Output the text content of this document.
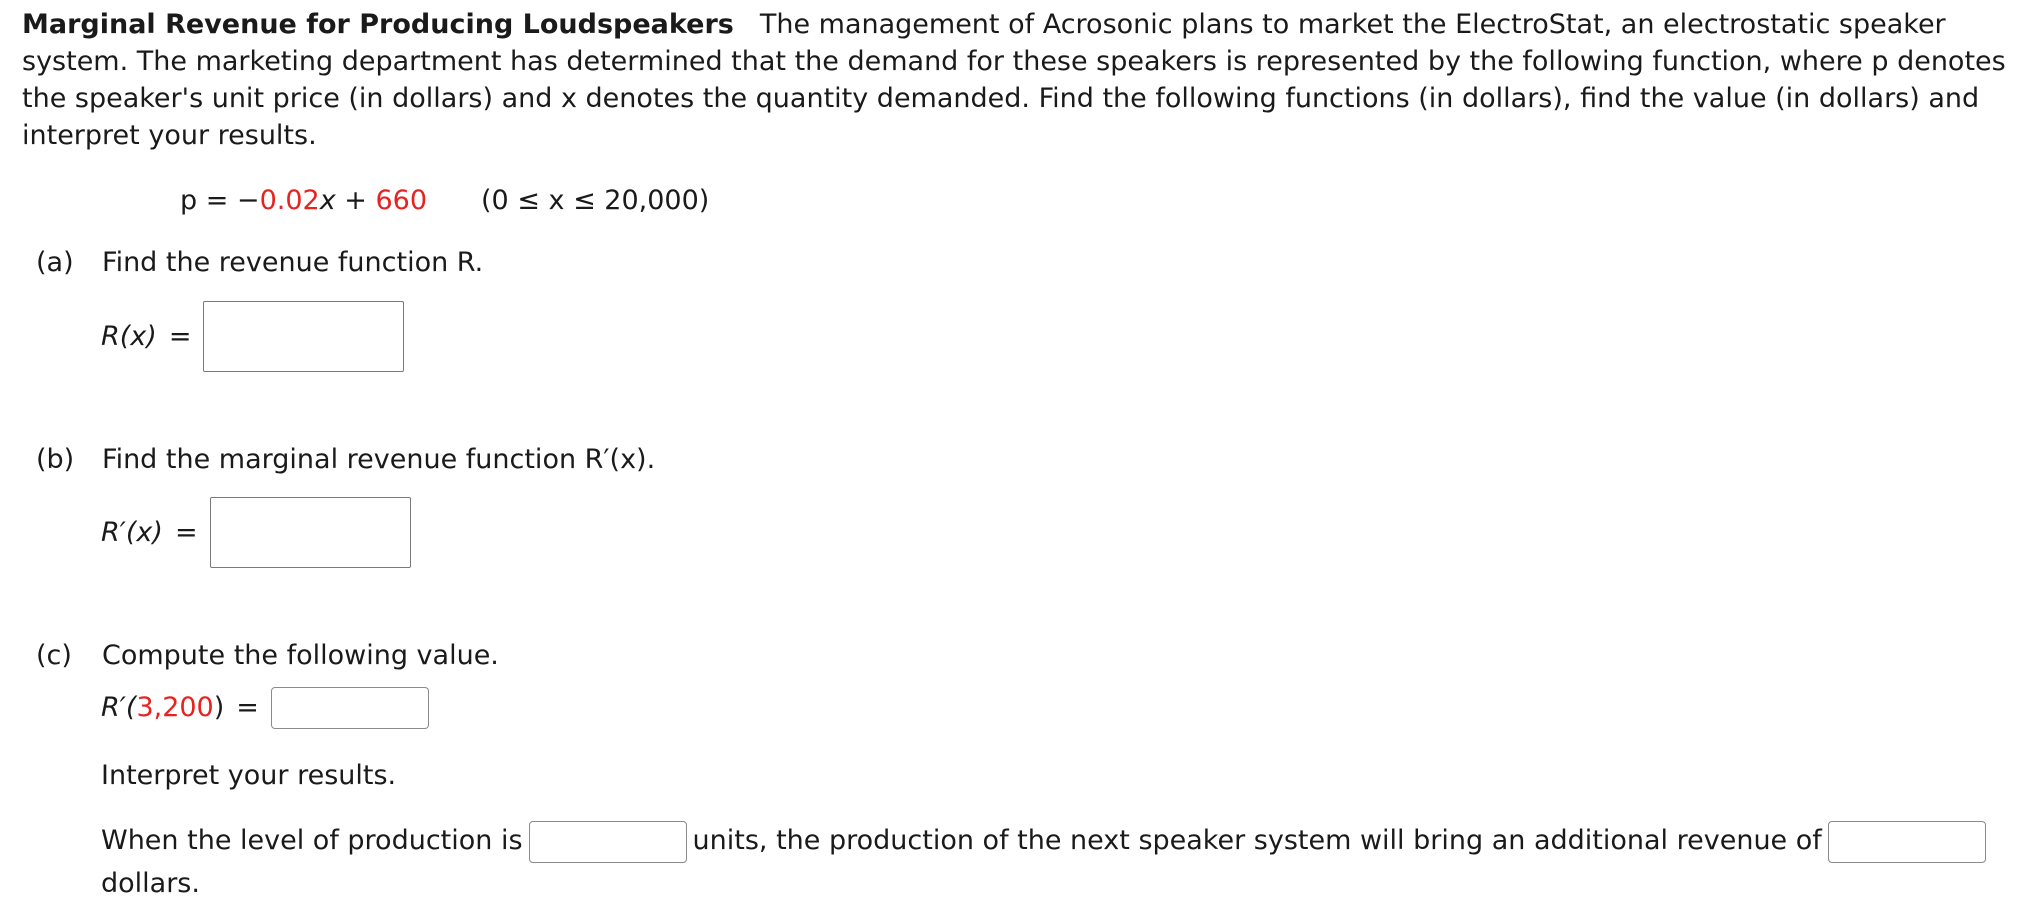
Marginal Revenue for Producing Loudspeakers The management of Acrosonic plans to market the ElectroStat, an electrostatic speaker system. The marketing department has determined that the demand for these speakers is represented by the following function, where p denotes the speaker's unit price (in dollars) and x denotes the quantity demanded. Find the following functions (in dollars), find the value (in dollars) and interpret your results.

p = −0.02x + 660 (0 ≤ x ≤ 20,000)
(a) Find the revenue function R.
R(x) =
(b) Find the marginal revenue function R′(x).
R′(x) =
(c) Compute the following value.
R′( 3,200 ) =
Interpret your results.
When the level of production is	units, the production of the next speaker system will bring an additional revenue ofdollars.
